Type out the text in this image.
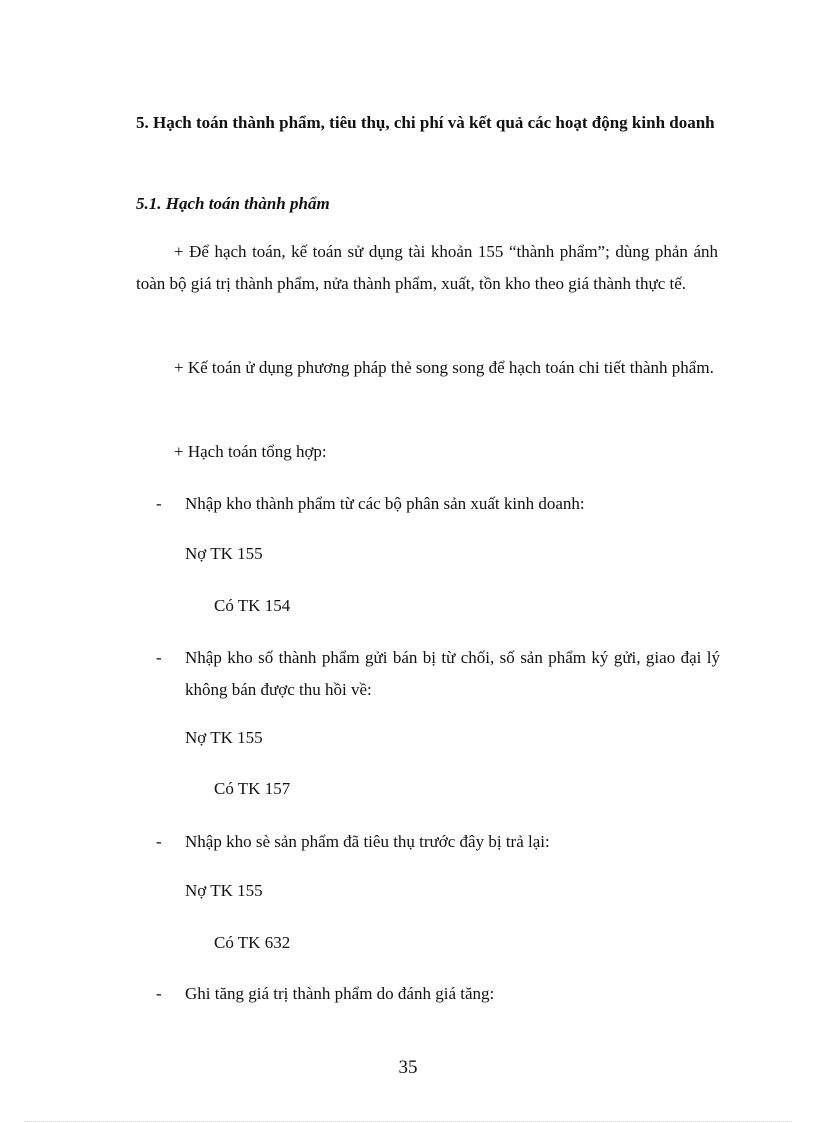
5. Hạch toán thành phẩm, tiêu thụ, chi phí và kết quả các hoạt động kinh doanh
5.1. Hạch toán thành phẩm
+ Để hạch toán, kế toán sử dụng tài khoản 155 “thành phẩm”; dùng phản ánh toàn bộ giá trị thành phẩm, nửa thành phẩm, xuất, tồn kho theo giá thành thực tế.
+ Kế toán ử dụng phương pháp thẻ song song để hạch toán chi tiết thành phẩm.
+ Hạch toán tổng hợp:
-	Nhập kho thành phẩm từ các bộ phân sản xuất kinh doanh:
Nợ TK 155
Có TK 154
-	Nhập kho số thành phẩm gửi bán bị từ chối, số sản phẩm ký gửi, giao đại lý không bán được thu hồi về:
Nợ TK 155
Có TK 157
-	Nhập kho sè sản phẩm đã tiêu thụ trước đây bị trả lại:
Nợ TK 155
Có TK 632
-	Ghi tăng giá trị thành phẩm do đánh giá tăng:
35
